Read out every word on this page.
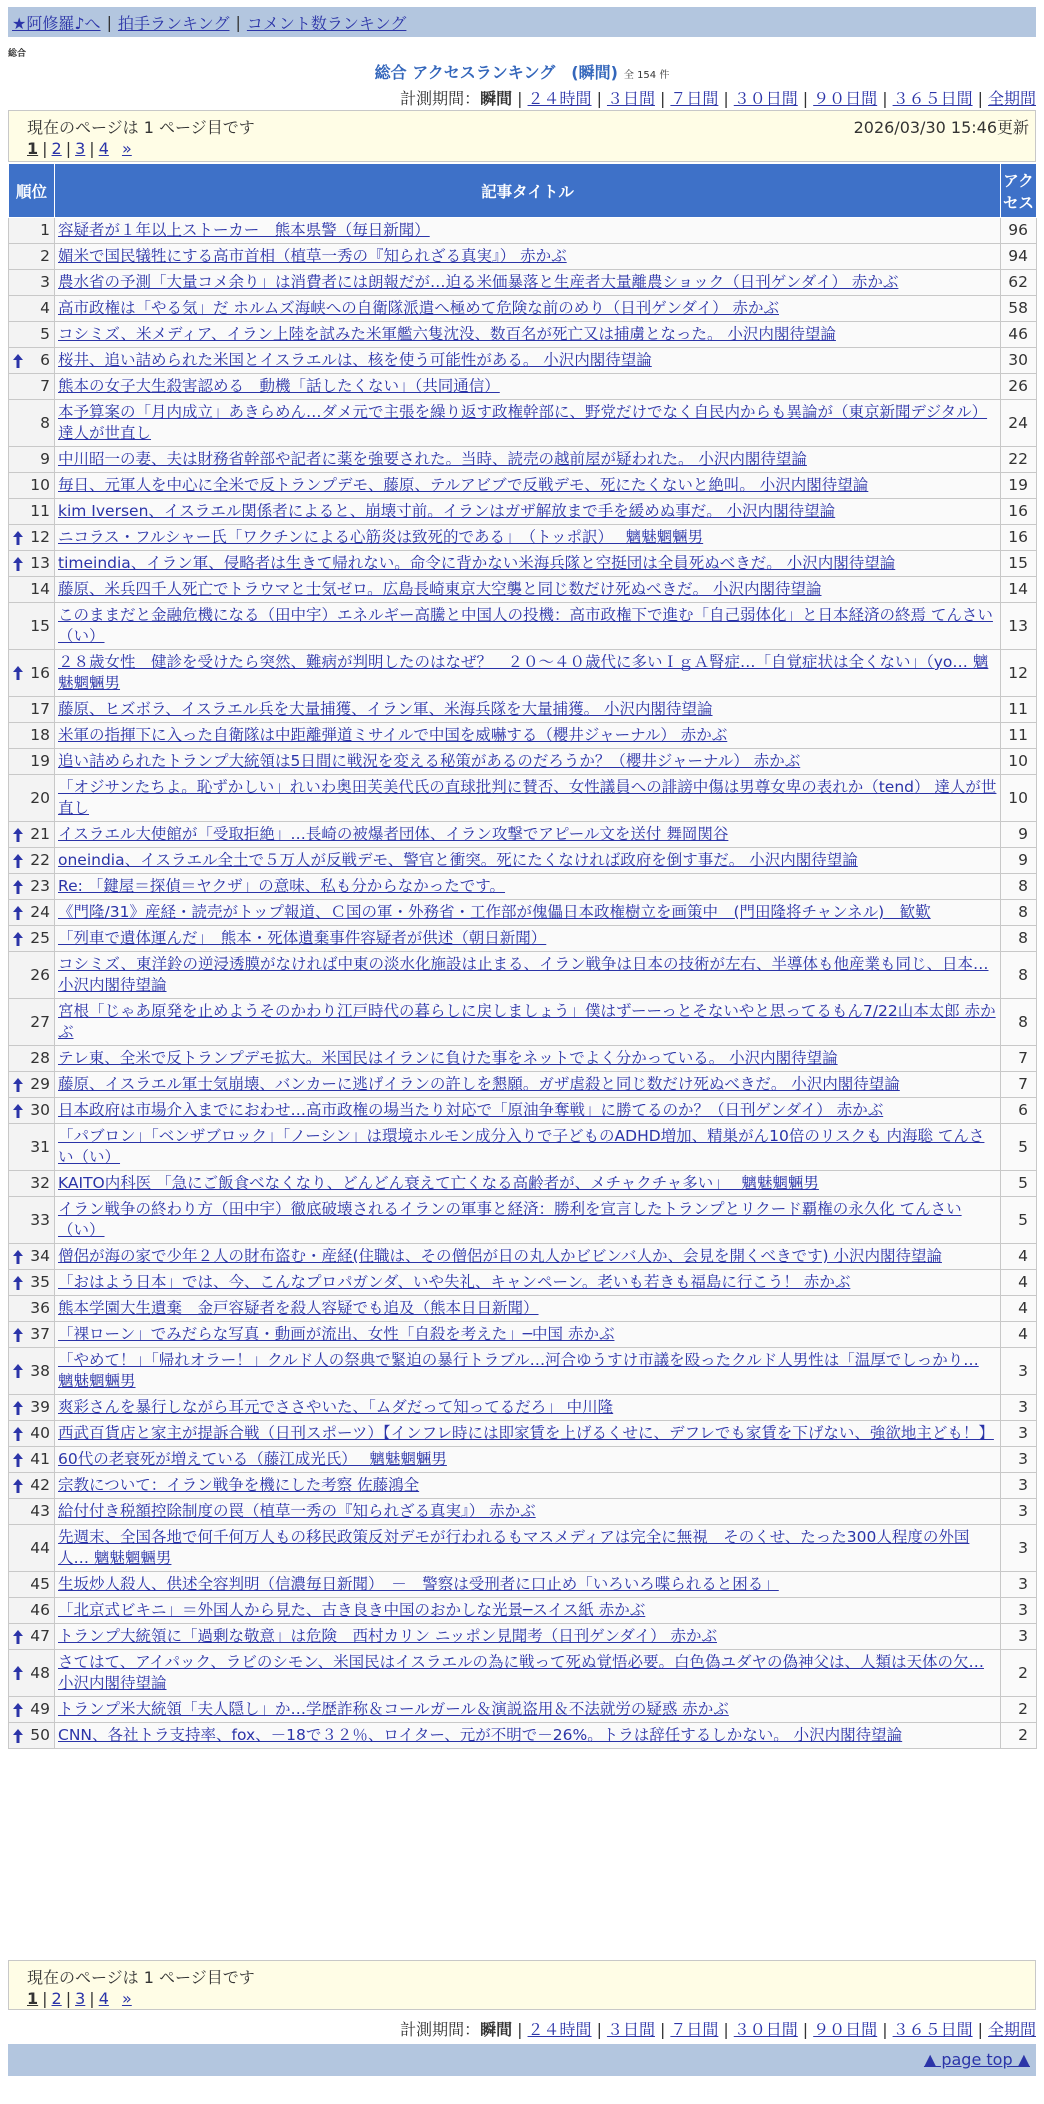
★阿修羅♪へ | 拍手ランキング | コメント数ランキング
総合
総合 アクセスランキング　(瞬間) 全 154 件
計測期間：瞬間 | ２４時間 | ３日間 | ７日間 | ３０日間 | ９０日間 | ３６５日間 | 全期間
現在のページは 1 ページ目です	2026/03/30 15:46更新
1 | 2 | 3 | 4 »
順位	記事タイトル	アクセス
1	容疑者が１年以上ストーカー　熊本県警（毎日新聞）	96
2	媚米で国民犠牲にする高市首相（植草一秀の『知られざる真実』） 赤かぶ	94
3	農水省の予測「大量コメ余り」は消費者には朗報だが…迫る米価暴落と生産者大量離農ショック（日刊ゲンダイ） 赤かぶ	62
4	高市政権は「やる気」だ ホルムズ海峡への自衛隊派遣へ極めて危険な前のめり（日刊ゲンダイ） 赤かぶ	58
5	コシミズ、米メディア、イラン上陸を試みた米軍艦六隻沈没、数百名が死亡又は捕虜となった。 小沢内閣待望論	46

6	桜井、追い詰められた米国とイスラエルは、核を使う可能性がある。 小沢内閣待望論	30
7	熊本の女子大生殺害認める　動機「話したくない」（共同通信）	26
8	本予算案の「月内成立」あきらめん…ダメ元で主張を繰り返す政権幹部に、野党だけでなく自民内からも異論が（東京新聞デジタル） 達人が世直し	24
9	中川昭一の妻、夫は財務省幹部や記者に薬を強要された。当時、読売の越前屋が疑われた。 小沢内閣待望論	22
10	毎日、元軍人を中心に全米で反トランプデモ、藤原、テルアビブで反戦デモ、死にたくないと絶叫。 小沢内閣待望論	19
11	kim Iversen、イスラエル関係者によると、崩壊寸前。イランはガザ解放まで手を緩めぬ事だ。 小沢内閣待望論	16

12	ニコラス・フルシャー氏「ワクチンによる心筋炎は致死的である」　（トッポ訳）　 魑魅魍魎男	16

13	timeindia、イラン軍、侵略者は生きて帰れない。命令に背かない米海兵隊と空挺団は全員死ぬべきだ。 小沢内閣待望論	15
14	藤原、米兵四千人死亡でトラウマと士気ゼロ。広島長崎東京大空襲と同じ数だけ死ぬべきだ。 小沢内閣待望論	14
15	このままだと金融危機になる（田中宇）エネルギー高騰と中国人の投機：高市政権下で進む「自己弱体化」と日本経済の終焉 てんさい（い）	13

16	２８歳女性　健診を受けたら突然、難病が判明したのはなぜ？　２０～４０歳代に多いＩｇＡ腎症…「自覚症状は全くない」（yo… 魑魅魍魎男	12
17	藤原、ヒズボラ、イスラエル兵を大量捕獲、イラン軍、米海兵隊を大量捕獲。 小沢内閣待望論	11
18	米軍の指揮下に入った自衛隊は中距離弾道ミサイルで中国を威嚇する（櫻井ジャーナル） 赤かぶ	11
19	追い詰められたトランプ大統領は5日間に戦況を変える秘策があるのだろうか？（櫻井ジャーナル） 赤かぶ	10
20	「オジサンたちよ。恥ずかしい」れいわ奥田芙美代氏の直球批判に賛否、女性議員への誹謗中傷は男尊女卑の表れか（tend） 達人が世直し	10

21	イスラエル大使館が「受取拒絶」…長崎の被爆者団体、イラン攻撃でアピール文を送付 舞岡関谷	9

22	oneindia、イスラエル全土で５万人が反戦デモ、警官と衝突。死にたくなければ政府を倒す事だ。 小沢内閣待望論	9

23	Re: 「鍵屋＝探偵＝ヤクザ」の意味、私も分からなかったです。	8

24	《門隆/31》産経・読売がトップ報道、Ｃ国の軍・外務省・工作部が傀儡日本政権樹立を画策中　(門田隆将チャンネル)　歓歎	8

25	「列車で遺体運んだ」　熊本・死体遺棄事件容疑者が供述（朝日新聞）	8
26	コシミズ、東洋鈴の逆浸透膜がなければ中東の淡水化施設は止まる、イラン戦争は日本の技術が左右、半導体も他産業も同じ、日本… 小沢内閣待望論	8
27	宮根「じゃあ原発を止めようそのかわり江戸時代の暮らしに戻しましょう」僕はずーーっとそないやと思ってるもん7/22山本太郎 赤かぶ	8
28	テレ東、全米で反トランプデモ拡大。米国民はイランに負けた事をネットでよく分かっている。 小沢内閣待望論	7

29	藤原、イスラエル軍士気崩壊、バンカーに逃げイランの許しを懇願。ガザ虐殺と同じ数だけ死ぬべきだ。 小沢内閣待望論	7

30	日本政府は市場介入までにおわせ…高市政権の場当たり対応で「原油争奪戦」に勝てるのか？（日刊ゲンダイ） 赤かぶ	6
31	「パブロン」「ベンザブロック」「ノーシン」は環境ホルモン成分入りで子どものADHD増加、精巣がん10倍のリスクも 内海聡 てんさい（い）	5
32	KAITO内科医 「急にご飯食べなくなり、どんどん衰えて亡くなる高齢者が、メチャクチャ多い」　 魑魅魍魎男	5
33	イラン戦争の終わり方（田中宇）徹底破壊されるイランの軍事と経済：勝利を宣言したトランプとリクード覇権の永久化 てんさい（い）	5

34	僧侶が海の家で少年２人の財布盗む・産経(住職は、その僧侶が日の丸人かビビンバ人か、会見を開くべきです) 小沢内閣待望論	4

35	「おはよう日本」では、今、こんなプロパガンダ、いや失礼、キャンペーン。老いも若きも福島に行こう！ 赤かぶ	4
36	熊本学園大生遺棄　金戸容疑者を殺人容疑でも追及（熊本日日新聞）	4

37	「裸ローン」でみだらな写真・動画が流出、女性「自殺を考えた」─中国 赤かぶ	4

38	「やめて！」「帰れオラー！」クルド人の祭典で緊迫の暴行トラブル…河合ゆうすけ市議を殴ったクルド人男性は「温厚でしっかり… 魑魅魍魎男	3

39	爽彩さんを暴行しながら耳元でささやいた、「ムダだって知ってるだろ」 中川隆	3

40	西武百貨店と家主が提訴合戦（日刊スポーツ）【インフレ時には即家賃を上げるくせに、デフレでも家賃を下げない、強欲地主ども！】	3

41	60代の老衰死が増えている（藤江成光氏）　 魑魅魍魎男	3

42	宗教について：イラン戦争を機にした考察 佐藤鴻全	3
43	給付付き税額控除制度の罠（植草一秀の『知られざる真実』） 赤かぶ	3
44	先週末、全国各地で何千何万人もの移民政策反対デモが行われるもマスメディアは完全に無視　そのくせ、たった300人程度の外国人… 魑魅魍魎男	3
45	生坂炒人殺人、供述全容判明（信濃毎日新聞）　－　警察は受刑者に口止め「いろいろ喋られると困る」	3
46	「北京式ビキニ」＝外国人から見た、古き良き中国のおかしな光景─スイス紙 赤かぶ	3

47	トランプ大統領に「過剰な敬意」は危険　西村カリン ニッポン見聞考（日刊ゲンダイ） 赤かぶ	3

48	さてはて、アイパック、ラビのシモン、米国民はイスラエルの為に戦って死ぬ覚悟必要。白色偽ユダヤの偽神父は、人類は天体の欠… 小沢内閣待望論	2

49	トランプ米大統領「夫人隠し」か…学歴詐称＆コールガール＆演説盗用＆不法就労の疑惑 赤かぶ	2

50	CNN、各社トラ支持率、fox、－18で３２％、ロイター、元が不明で－26%。トラは辞任するしかない。 小沢内閣待望論	2
現在のページは 1 ページ目です
1 | 2 | 3 | 4 »
計測期間：瞬間 | ２４時間 | ３日間 | ７日間 | ３０日間 | ９０日間 | ３６５日間 | 全期間
▲ page top ▲
